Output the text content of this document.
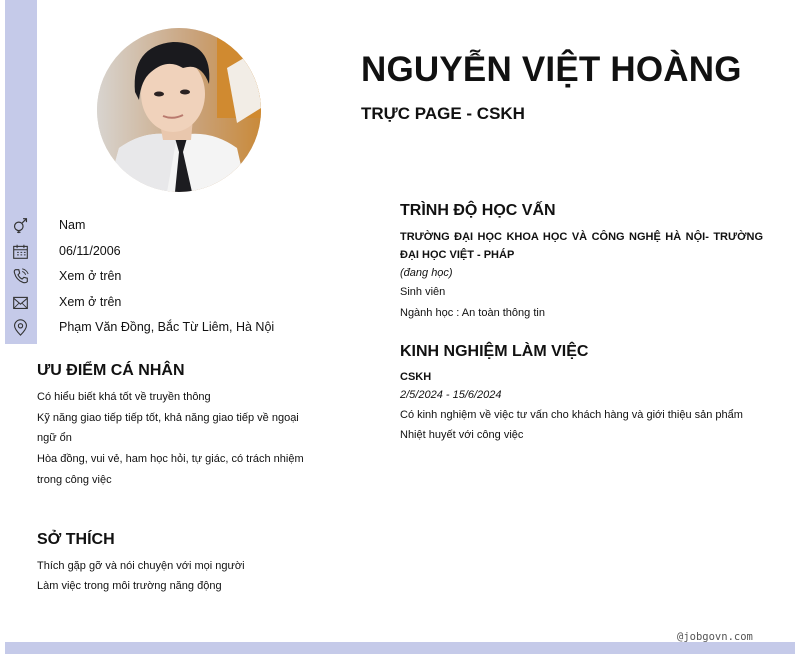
NGUYỄN VIỆT HOÀNG
TRỰC PAGE - CSKH
Nam
06/11/2006
Xem ở trên
Xem ở trên
Phạm Văn Đồng, Bắc Từ Liêm, Hà Nội
ƯU ĐIỂM CÁ NHÂN
Có hiểu biết khá tốt về truyền thông
Kỹ năng giao tiếp tiếp tốt, khả năng giao tiếp về ngoại
ngữ ổn
Hòa đồng, vui vẻ, ham học hỏi, tự giác, có trách nhiệm
trong công việc
SỞ THÍCH
Thích gặp gỡ và nói chuyện với mọi người
Làm việc trong môi trường năng động
TRÌNH ĐỘ HỌC VẤN
TRƯỜNG ĐẠI HỌC KHOA HỌC VÀ CÔNG NGHỆ HÀ NỘI- TRƯỜNG ĐẠI HỌC VIỆT - PHÁP
(đang học)
Sinh viên
Ngành học : An toàn thông tin
KINH NGHIỆM LÀM VIỆC
CSKH
2/5/2024 - 15/6/2024
Có kinh nghiệm về việc tư vấn cho khách hàng và giới thiệu sản phẩm
Nhiệt huyết với công việc
@jobgovn.com
